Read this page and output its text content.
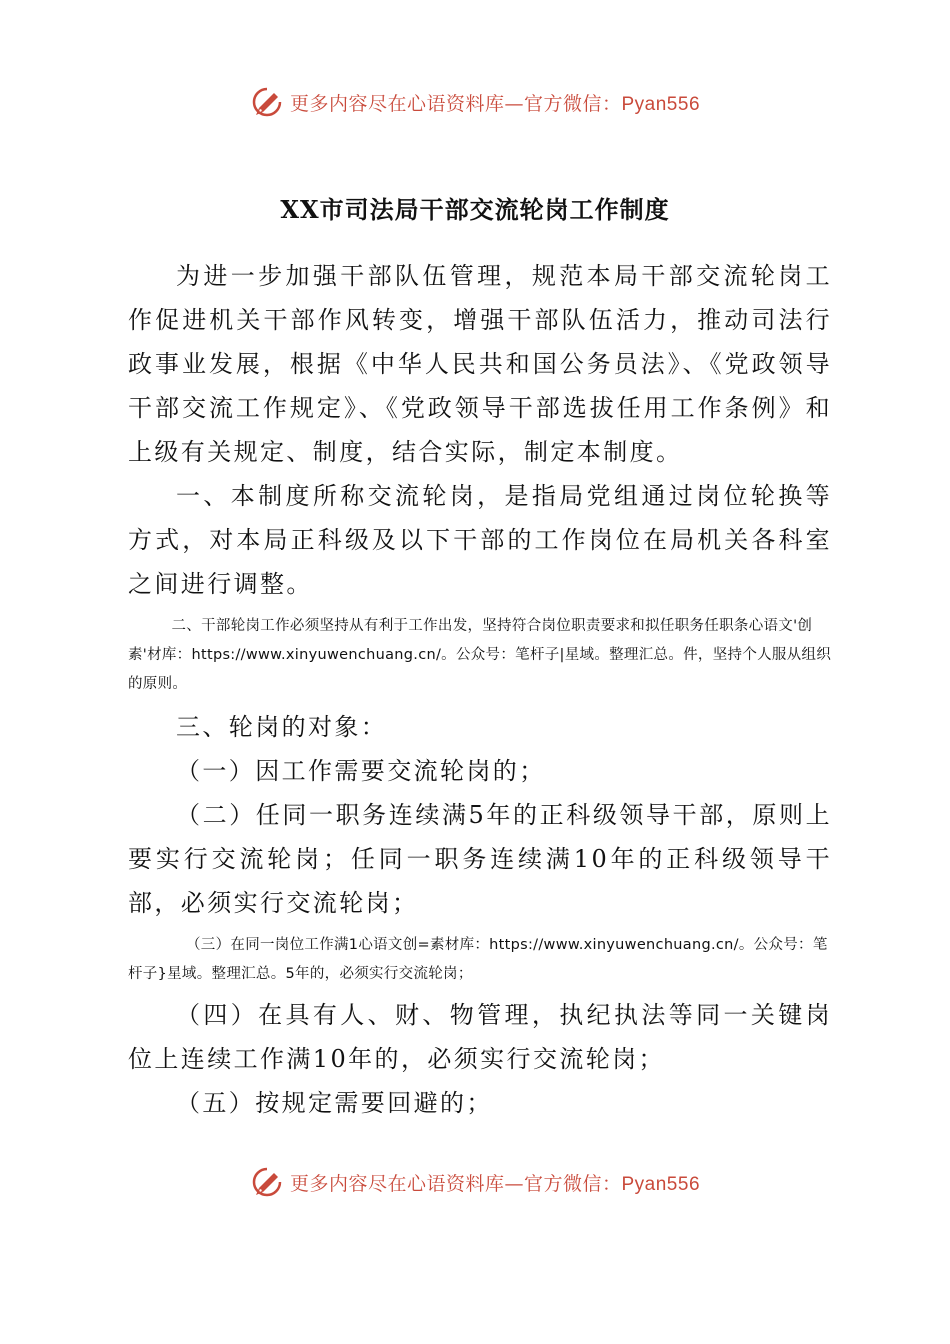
更多内容尽在心语资料库—官方微信：Pyan556
XX市司法局干部交流轮岗工作制度

为进一步加强干部队伍管理，规范本局干部交流轮岗工作促进机关干部作风转变，增强干部队伍活力，推动司法行政事业发展，根据《中华人民共和国公务员法》、《党政领导干部交流工作规定》、《党政领导干部选拔任用工作条例》和上级有关规定、制度，结合实际，制定本制度。

一、本制度所称交流轮岗，是指局党组通过岗位轮换等方式，对本局正科级及以下干部的工作岗位在局机关各科室之间进行调整。

二、干部轮岗工作必须坚持从有利于工作出发，坚持符合岗位职责要求和拟任职务任职条心语文'创素'材库：https://www.xinyuwenchuang.cn/。公众号：笔杆子|星域。整理汇总。件，坚持个人服从组织的原则。

三、轮岗的对象：

（一）因工作需要交流轮岗的；

（二）任同一职务连续满5年的正科级领导干部，原则上要实行交流轮岗；任同一职务连续满10年的正科级领导干部，必须实行交流轮岗；

（三）在同一岗位工作满1心语文创=素材库：https://www.xinyuwenchuang.cn/。公众号：笔杆子}星域。整理汇总。5年的，必须实行交流轮岗；

（四）在具有人、财、物管理，执纪执法等同一关键岗位上连续工作满10年的，必须实行交流轮岗；

（五）按规定需要回避的；

更多内容尽在心语资料库—官方微信：Pyan556
